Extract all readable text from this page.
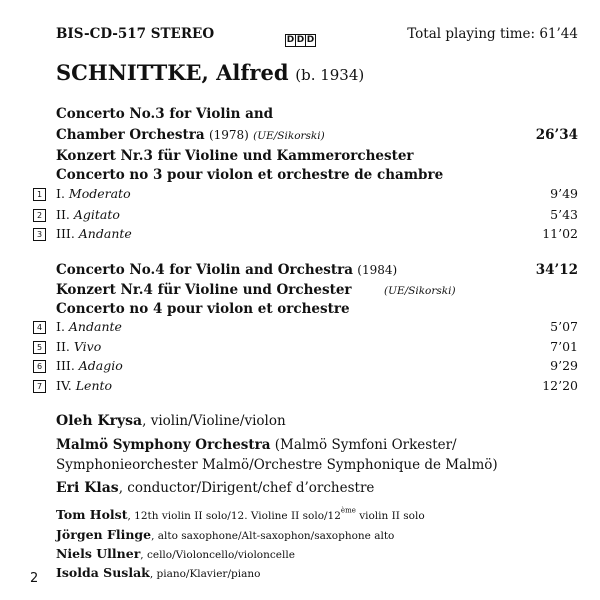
BIS-CD-517 STEREO	D D D	Total playing time: 61’44
SCHNITTKE, Alfred (b. 1934)
Concerto No.3 for Violin and
Chamber Orchestra (1978) (UE/Sikorski)	26’34
Konzert Nr.3 für Violine und Kammerorchester
Concerto no 3 pour violon et orchestre de chambre
1	I. Moderato	9’49
2	II. Agitato	5’43
3	III. Andante	11’02
Concerto No.4 for Violin and Orchestra (1984)	34’12
Konzert Nr.4 für Violine und Orchester	(UE/Sikorski)
Concerto no 4 pour violon et orchestre
4	I. Andante	5’07
5	II. Vivo	7’01
6	III. Adagio	9’29
7	IV. Lento	12’20
Oleh Krysa, violin/Violine/violon
Malmö Symphony Orchestra (Malmö Symfoni Orkester/
Symphonieorchester Malmö/Orchestre Symphonique de Malmö)
Eri Klas, conductor/Dirigent/chef d’orchestre
Tom Holst, 12th violin II solo/12. Violine II solo/12ème violin II solo
Jörgen Flinge, alto saxophone/Alt-saxophon/saxophone alto
Niels Ullner, cello/Violoncello/violoncelle
Isolda Suslak, piano/Klavier/piano
2
